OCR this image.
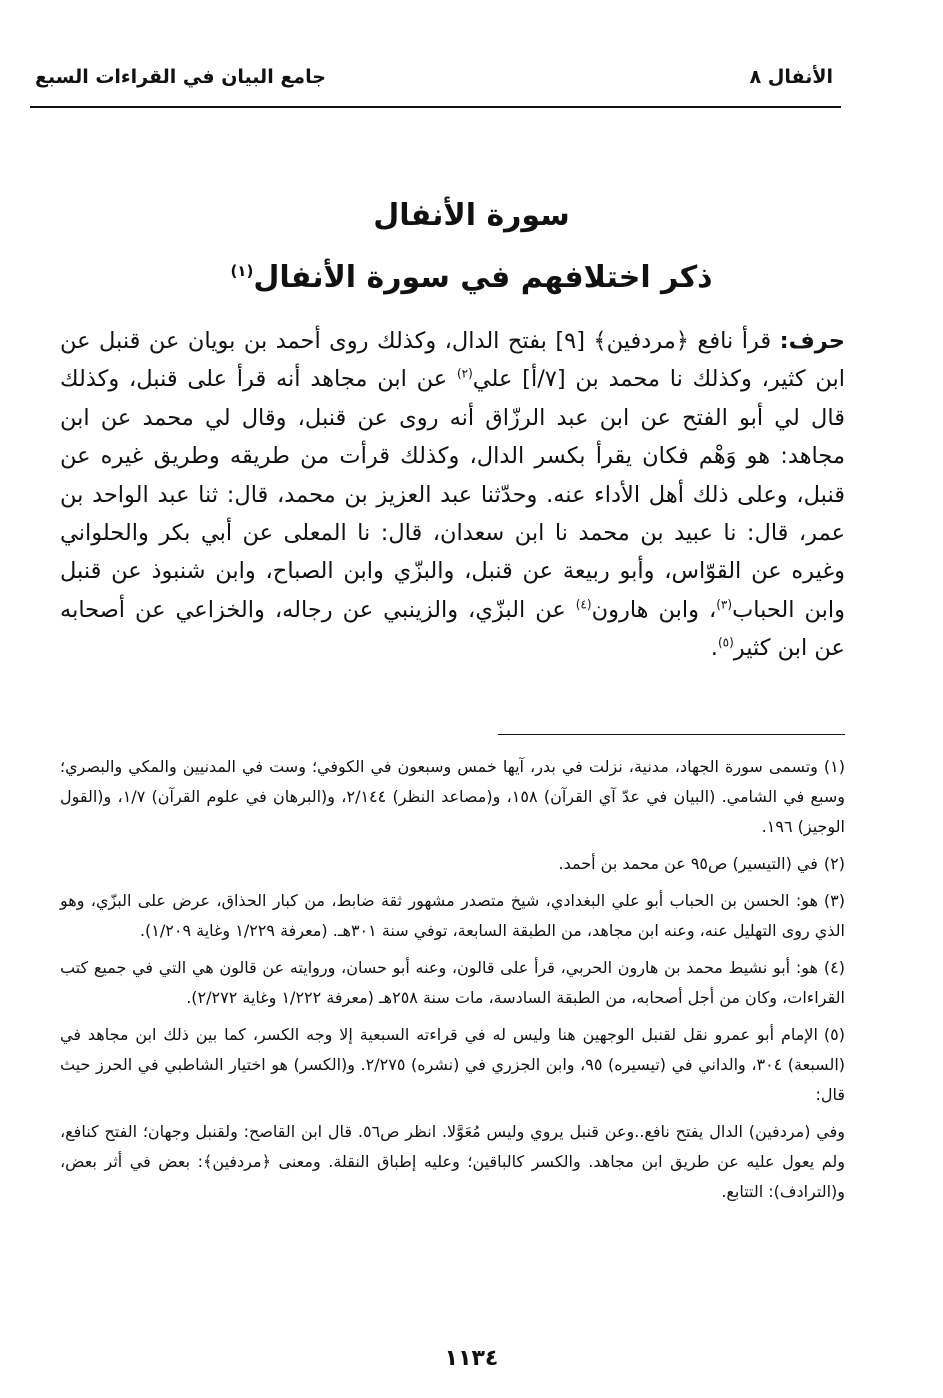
الأنفال ٨
جامع البيان في القراءات السبع
سورة الأنفال
ذكر اختلافهم في سورة الأنفال$^{(١)}$

حرف: قرأ نافع ﴿مردفين﴾ [٩] بفتح الدال، وكذلك روى أحمد بن بويان عن قنبل عن ابن كثير، وكذلك نا محمد بن [٧/أ] علي$^{(٢)}$ عن ابن مجاهد أنه قرأ على قنبل، وكذلك قال لي أبو الفتح عن ابن عبد الرزّاق أنه روى عن قنبل، وقال لي محمد عن ابن مجاهد: هو وَهْم فكان يقرأ بكسر الدال، وكذلك قرأت من طريقه وطريق غيره عن قنبل، وعلى ذلك أهل الأداء عنه. وحدّثنا عبد العزيز بن محمد، قال: ثنا عبد الواحد بن عمر، قال: نا عبيد بن محمد نا ابن سعدان، قال: نا المعلى عن أبي بكر والحلواني وغيره عن القوّاس، وأبو ربيعة عن قنبل، والبزّي وابن الصباح، وابن شنبوذ عن قنبل وابن الحباب$^{(٣)}$، وابن هارون$^{(٤)}$ عن البزّي، والزينبي عن رجاله، والخزاعي عن أصحابه عن ابن كثير$^{(٥)}$.

(١)وتسمى سورة الجهاد، مدنية، نزلت في بدر، آيها خمس وسبعون في الكوفي؛ وست في المدنيين والمكي والبصري؛ وسبع في الشامي. (البيان في عدّ آي القرآن) ١٥٨، و(مصاعد النظر) ٢/١٤٤، و(البرهان في علوم القرآن) ١/٧، و(القول الوجيز) ١٩٦.

(٢)في (التيسير) ص٩٥ عن محمد بن أحمد.

(٣)هو: الحسن بن الحباب أبو علي البغدادي، شيخ متصدر مشهور ثقة ضابط، من كبار الحذاق، عرض على البزّي، وهو الذي روى التهليل عنه، وعنه ابن مجاهد، من الطبقة السابعة، توفي سنة ٣٠١هـ. (معرفة ١/٢٢٩ وغاية ١/٢٠٩).

(٤)هو: أبو نشيط محمد بن هارون الحربي، قرأ على قالون، وعنه أبو حسان، وروايته عن قالون هي التي في جميع كتب القراءات، وكان من أجل أصحابه، من الطبقة السادسة، مات سنة ٢٥٨هـ (معرفة ١/٢٢٢ وغاية ٢/٢٧٢).

(٥)الإمام أبو عمرو نقل لقنبل الوجهين هنا وليس له في قراءته السبعية إلا وجه الكسر، كما بين ذلك ابن مجاهد في (السبعة) ٣٠٤، والداني في (تيسيره) ٩٥، وابن الجزري في (نشره) ٢/٢٧٥. و(الكسر) هو اختيار الشاطبي في الحرز حيث قال:

وفي (مردفين) الدال يفتح نافع..وعن قنبل يروي وليس مُعَوَّلا. انظر ص٥٦. قال ابن القاصح: ولقنبل وجهان؛ الفتح كنافع، ولم يعول عليه عن طريق ابن مجاهد. والكسر كالباقين؛ وعليه إطباق النقلة. ومعنى ﴿مردفين﴾: بعض في أثر بعض، و(الترادف): التتابع.

١١٣٤
